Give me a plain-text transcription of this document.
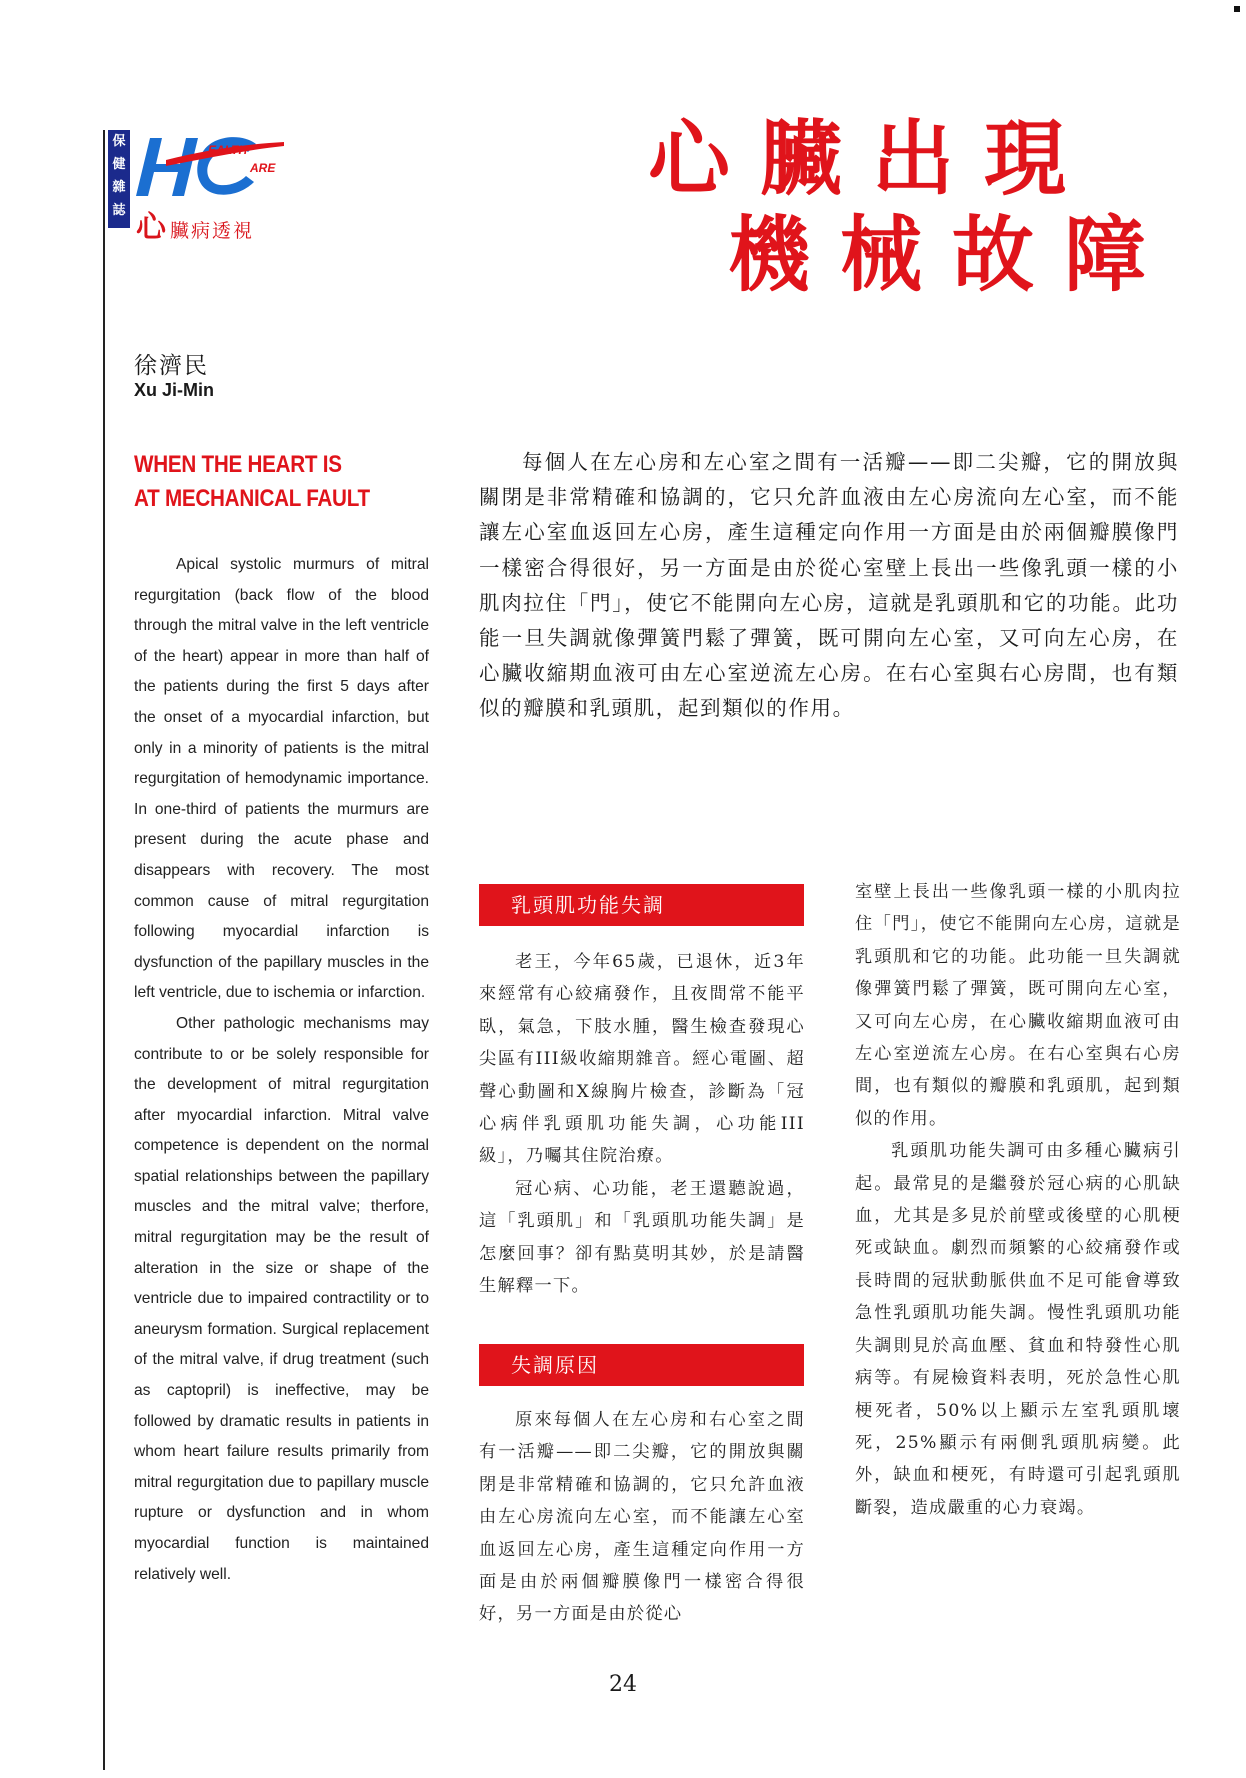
保
健
雜
誌
EALTH
ARE
心臟病透視
心臟出現
機械故障
徐濟民
Xu Ji-Min
WHEN THE HEART IS
AT MECHANICAL FAULT

Apical systolic murmurs of mitral regurgitation (back flow of the blood through the mitral valve in the left ventricle of the heart) appear in more than half of the patients during the first 5 days after the onset of a myocardial infarction, but only in a minority of patients is the mitral regurgitation of hemodynamic importance. In one-third of patients the murmurs are present during the acute phase and disappears with recovery. The most common cause of mitral regurgitation following myocardial infarction is dysfunction of the papillary muscles in the left ventricle, due to ischemia or infarction.

Other pathologic mechanisms may contribute to or be solely responsible for the development of mitral regurgitation after myocardial infarction. Mitral valve competence is dependent on the normal spatial relationships between the papillary muscles and the mitral valve; therfore, mitral regurgitation may be the result of alteration in the size or shape of the ventricle due to impaired contractility or to aneurysm formation. Surgical replacement of the mitral valve, if drug treatment (such as captopril) is ineffective, may be followed by dramatic results in patients in whom heart failure results primarily from mitral regurgitation due to papillary muscle rupture or dysfunction and in whom myocardial function is maintained relatively well.

每個人在左心房和左心室之間有一活瓣——即二尖瓣，它的開放與關閉是非常精確和協調的，它只允許血液由左心房流向左心室，而不能讓左心室血返回左心房，產生這種定向作用一方面是由於兩個瓣膜像門一樣密合得很好，另一方面是由於從心室壁上長出一些像乳頭一樣的小肌肉拉住「門」，使它不能開向左心房，這就是乳頭肌和它的功能。此功能一旦失調就像彈簧門鬆了彈簧，既可開向左心室，又可向左心房，在心臟收縮期血液可由左心室逆流左心房。在右心室與右心房間，也有類似的瓣膜和乳頭肌，起到類似的作用。

乳頭肌功能失調

老王，今年65歲，已退休，近3年來經常有心絞痛發作，且夜間常不能平臥，氣急，下肢水腫，醫生檢查發現心尖區有III級收縮期雜音。經心電圖、超聲心動圖和X線胸片檢查，診斷為「冠心病伴乳頭肌功能失調，心功能III級」，乃囑其住院治療。

冠心病、心功能，老王還聽說過，這「乳頭肌」和「乳頭肌功能失調」是怎麼回事？卻有點莫明其妙，於是請醫生解釋一下。

失調原因

原來每個人在左心房和右心室之間有一活瓣——即二尖瓣，它的開放與關閉是非常精確和協調的，它只允許血液由左心房流向左心室，而不能讓左心室血返回左心房，產生這種定向作用一方面是由於兩個瓣膜像門一樣密合得很好，另一方面是由於從心

室壁上長出一些像乳頭一樣的小肌肉拉住「門」，使它不能開向左心房，這就是乳頭肌和它的功能。此功能一旦失調就像彈簧門鬆了彈簧，既可開向左心室，又可向左心房，在心臟收縮期血液可由左心室逆流左心房。在右心室與右心房間，也有類似的瓣膜和乳頭肌，起到類似的作用。

乳頭肌功能失調可由多種心臟病引起。最常見的是繼發於冠心病的心肌缺血，尤其是多見於前壁或後壁的心肌梗死或缺血。劇烈而頻繁的心絞痛發作或長時間的冠狀動脈供血不足可能會導致急性乳頭肌功能失調。慢性乳頭肌功能失調則見於高血壓、貧血和特發性心肌病等。有屍檢資料表明，死於急性心肌梗死者，50%以上顯示左室乳頭肌壞死，25%顯示有兩側乳頭肌病變。此外，缺血和梗死，有時還可引起乳頭肌斷裂，造成嚴重的心力衰竭。

24
